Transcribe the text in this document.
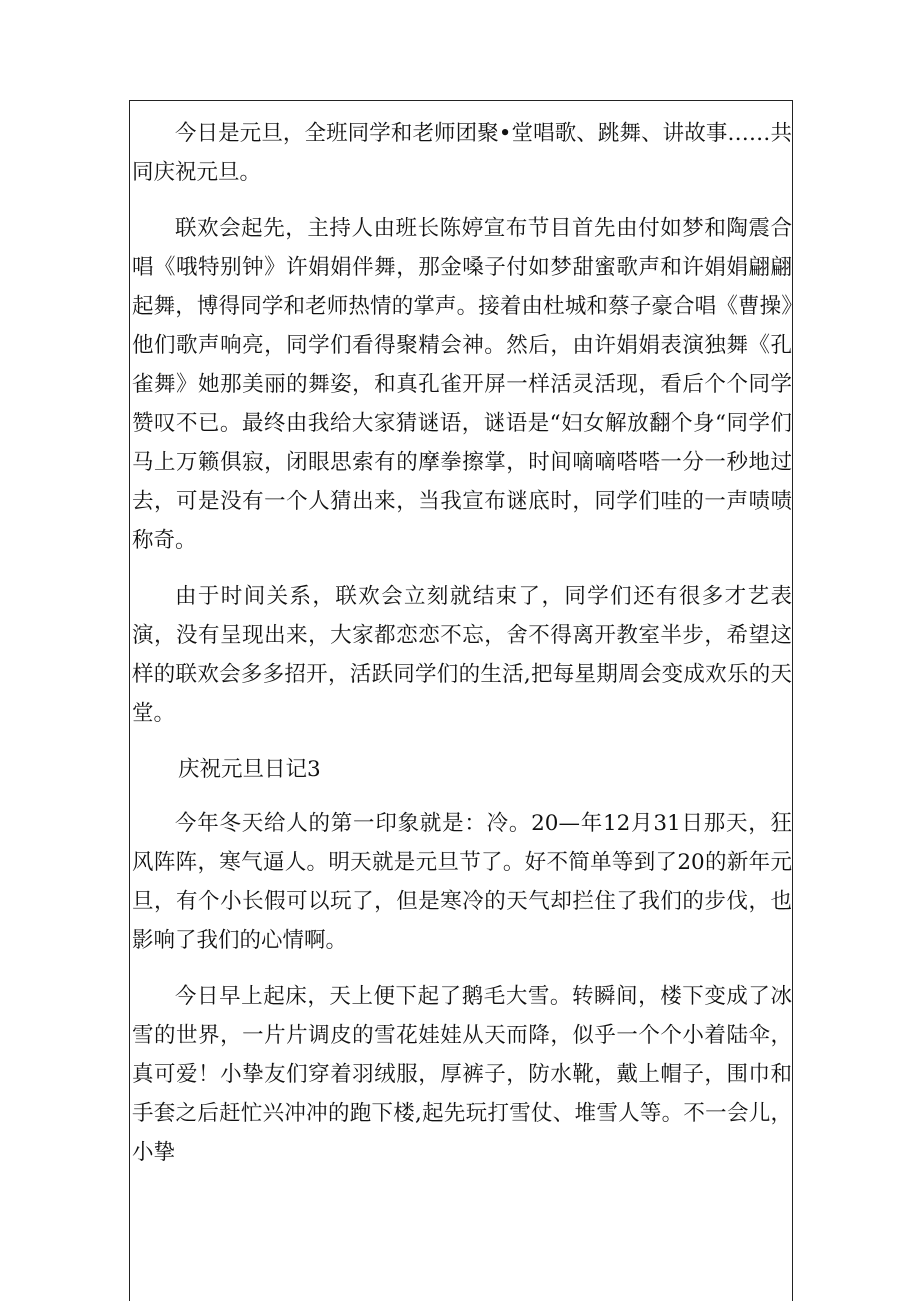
今日是元旦，全班同学和老师团聚•堂唱歌、跳舞、讲故事……共同庆祝元旦。

联欢会起先，主持人由班长陈婷宣布节目首先由付如梦和陶震合唱《哦特别钟》许娟娟伴舞，那金嗓子付如梦甜蜜歌声和许娟娟翩翩起舞，博得同学和老师热情的掌声。接着由杜城和蔡子豪合唱《曹操》他们歌声响亮，同学们看得聚精会神。然后，由许娟娟表演独舞《孔雀舞》她那美丽的舞姿，和真孔雀开屏一样活灵活现，看后个个同学赞叹不已。最终由我给大家猜谜语，谜语是“妇女解放翻个身“同学们马上万籁俱寂，闭眼思索有的摩拳擦掌，时间嘀嘀嗒嗒一分一秒地过去，可是没有一个人猜出来，当我宣布谜底时，同学们哇的一声啧啧称奇。

由于时间关系，联欢会立刻就结束了，同学们还有很多才艺表演，没有呈现出来，大家都恋恋不忘，舍不得离开教室半步，希望这样的联欢会多多招开，活跃同学们的生活,把每星期周会变成欢乐的天堂。

庆祝元旦日记3

今年冬天给人的第一印象就是：冷。20—年12月31日那天，狂风阵阵，寒气逼人。明天就是元旦节了。好不简单等到了20的新年元旦，有个小长假可以玩了，但是寒冷的天气却拦住了我们的步伐，也影响了我们的心情啊。

今日早上起床，天上便下起了鹅毛大雪。转瞬间，楼下变成了冰雪的世界，一片片调皮的雪花娃娃从天而降，似乎一个个小着陆伞，真可爱！小挚友们穿着羽绒服，厚裤子，防水靴，戴上帽子，围巾和手套之后赶忙兴冲冲的跑下楼,起先玩打雪仗、堆雪人等。不一会儿，小挚
